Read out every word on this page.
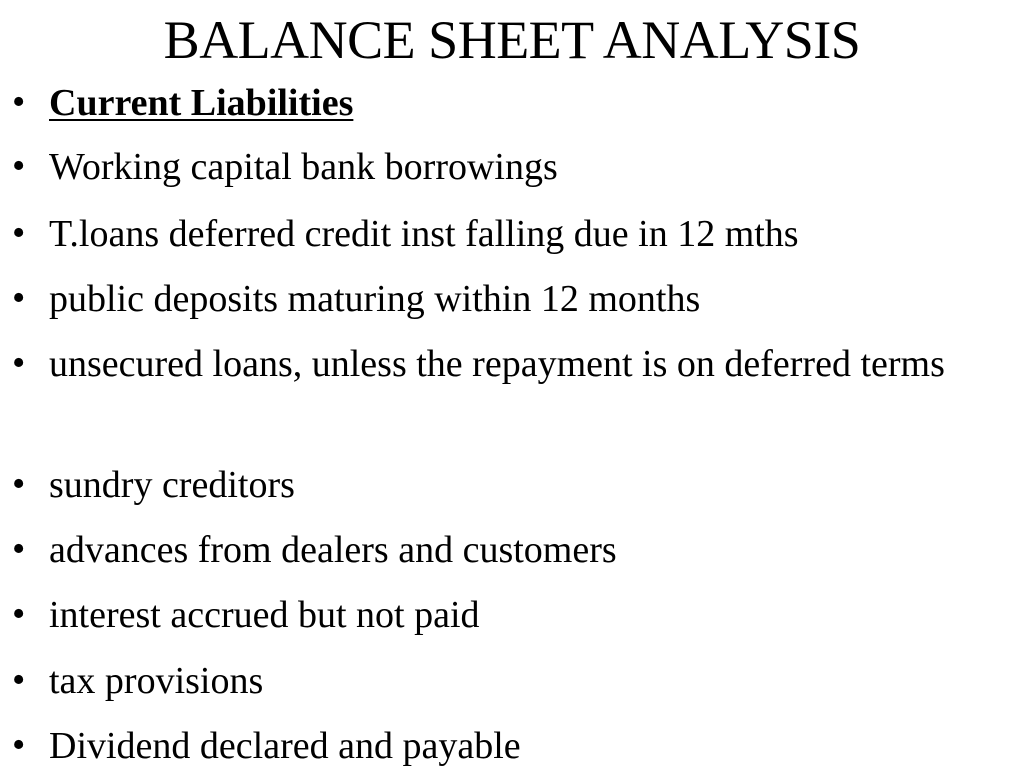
BALANCE SHEET ANALYSIS
• Current Liabilities
• Working capital bank borrowings
• T.loans deferred credit inst falling due in 12 mths
• public deposits maturing within 12 months
• unsecured loans, unless the repayment is on deferred terms
• sundry creditors
• advances from dealers and customers
• interest accrued but not paid
• tax provisions
• Dividend declared and payable
